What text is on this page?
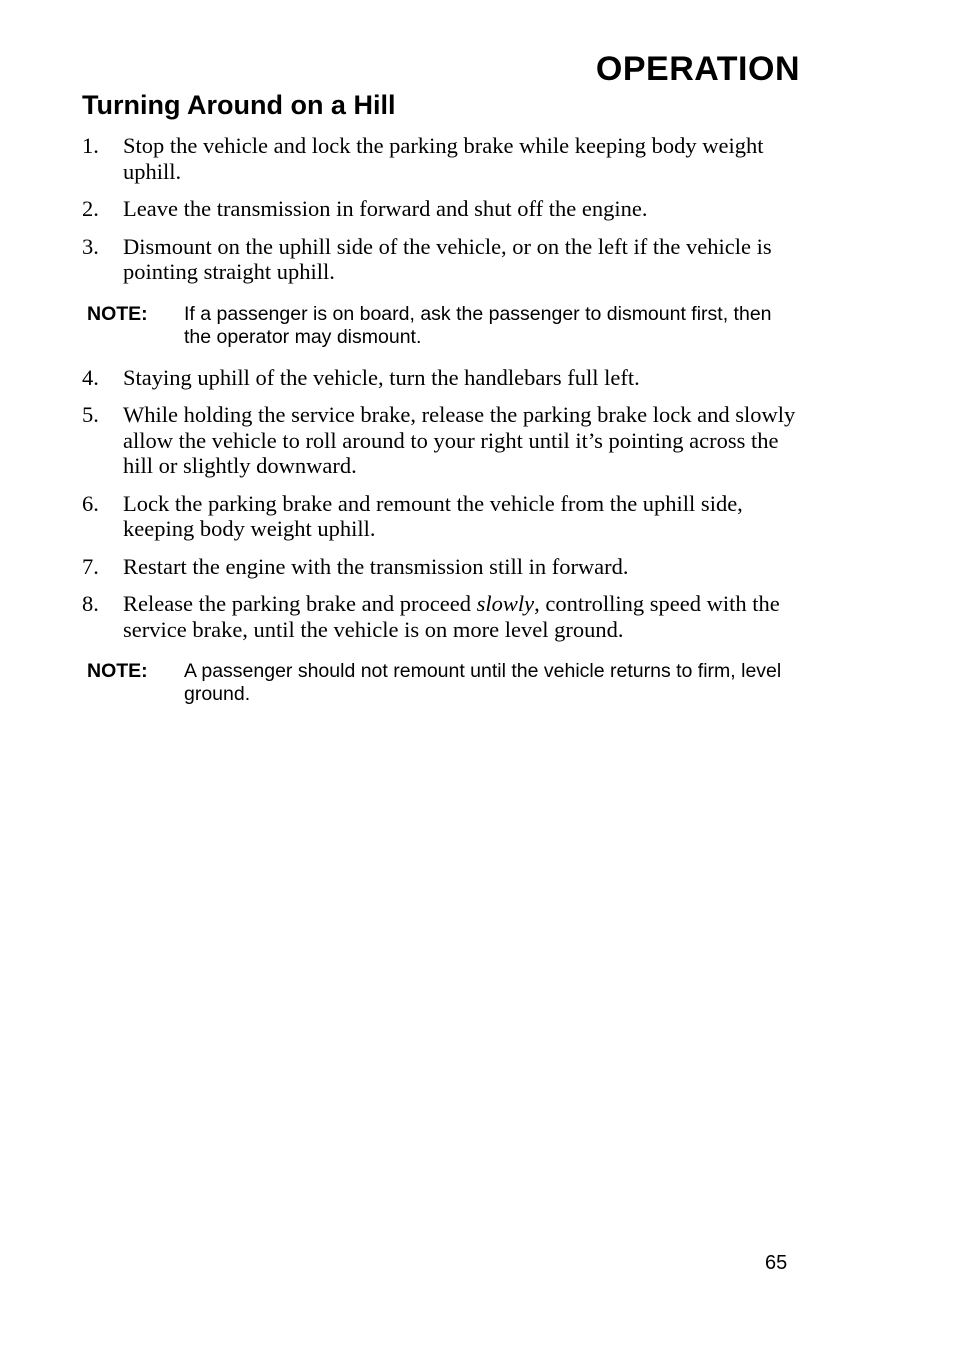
OPERATION
Turning Around on a Hill
1.	Stop the vehicle and lock the parking brake while keeping body weight uphill.
2.	Leave the transmission in forward and shut off the engine.
3.	Dismount on the uphill side of the vehicle, or on the left if the vehicle is pointing straight uphill.
NOTE:	If a passenger is on board, ask the passenger to dismount first, then the operator may dismount.
4.	Staying uphill of the vehicle, turn the handlebars full left.
5.	While holding the service brake, release the parking brake lock and slowly allow the vehicle to roll around to your right until it’s pointing across the hill or slightly downward.
6.	Lock the parking brake and remount the vehicle from the uphill side, keeping body weight uphill.
7.	Restart the engine with the transmission still in forward.
8.	Release the parking brake and proceed slowly, controlling speed with the service brake, until the vehicle is on more level ground.
NOTE:	A passenger should not remount until the vehicle returns to firm, level ground.
65
